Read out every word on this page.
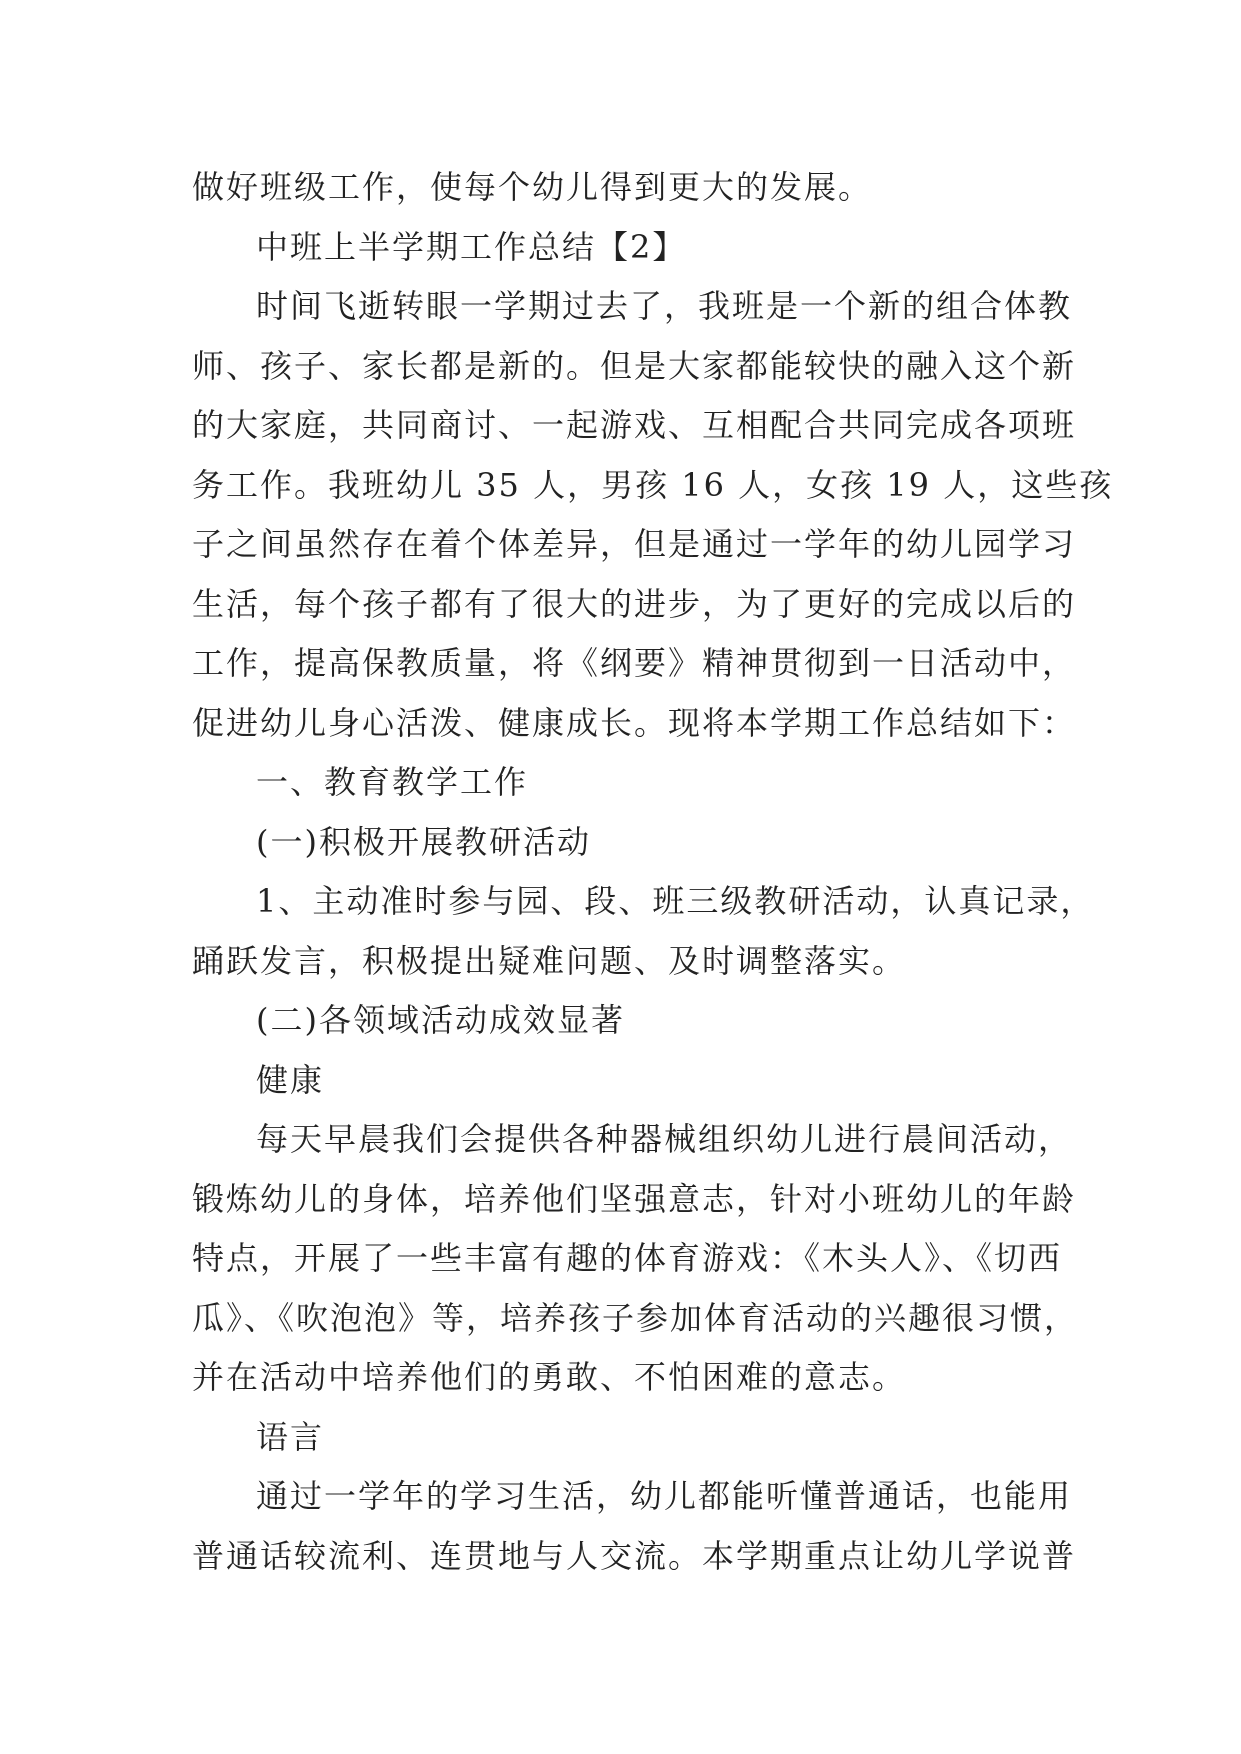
做好班级工作，使每个幼儿得到更大的发展。
中班上半学期工作总结【2】
时间飞逝转眼一学期过去了，我班是一个新的组合体教
师、孩子、家长都是新的。但是大家都能较快的融入这个新
的大家庭，共同商讨、一起游戏、互相配合共同完成各项班
务工作。我班幼儿 35 人，男孩 16 人，女孩 19 人，这些孩
子之间虽然存在着个体差异，但是通过一学年的幼儿园学习
生活，每个孩子都有了很大的进步，为了更好的完成以后的
工作，提高保教质量，将《纲要》精神贯彻到一日活动中，
促进幼儿身心活泼、健康成长。现将本学期工作总结如下：
一、教育教学工作
(一)积极开展教研活动
1、主动准时参与园、段、班三级教研活动，认真记录，
踊跃发言，积极提出疑难问题、及时调整落实。
(二)各领域活动成效显著
健康
每天早晨我们会提供各种器械组织幼儿进行晨间活动，
锻炼幼儿的身体，培养他们坚强意志，针对小班幼儿的年龄
特点，开展了一些丰富有趣的体育游戏：《木头人》、《切西
瓜》、《吹泡泡》等，培养孩子参加体育活动的兴趣很习惯，
并在活动中培养他们的勇敢、不怕困难的意志。
语言
通过一学年的学习生活，幼儿都能听懂普通话，也能用
普通话较流利、连贯地与人交流。本学期重点让幼儿学说普
